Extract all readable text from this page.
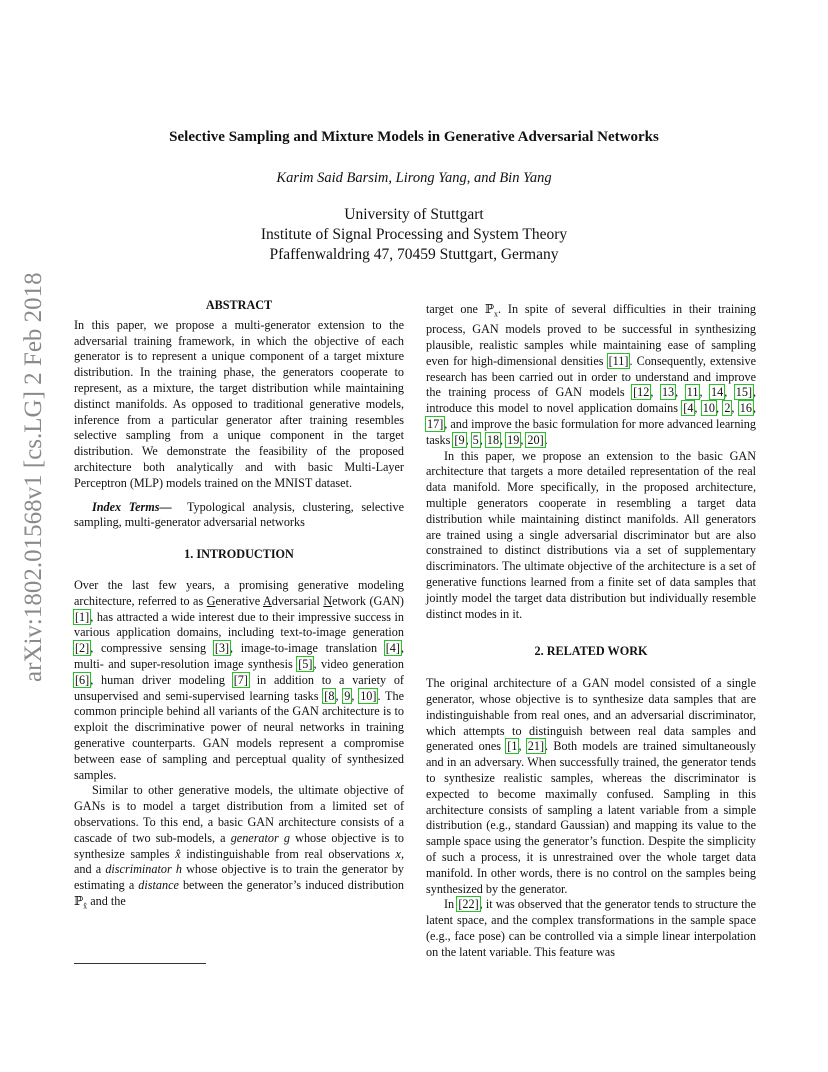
Selective Sampling and Mixture Models in Generative Adversarial Networks
Karim Said Barsim, Lirong Yang, and Bin Yang
University of Stuttgart
Institute of Signal Processing and System Theory
Pfaffenwaldring 47, 70459 Stuttgart, Germany
arXiv:1802.01568v1 [cs.LG] 2 Feb 2018	ABSTRACT

In this paper, we propose a multi-generator extension to the adversarial training framework, in which the objective of each generator is to represent a unique component of a target mixture distribution. In the training phase, the generators cooperate to represent, as a mixture, the target distribution while maintaining distinct manifolds. As opposed to traditional generative models, inference from a particular generator after training resembles selective sampling from a unique component in the target distribution. We demonstrate the feasibility of the proposed architecture both analytically and with basic Multi-Layer Perceptron (MLP) models trained on the MNIST dataset.

Index Terms— Typological analysis, clustering, selective sampling, multi-generator adversarial networks

1. INTRODUCTION

Over the last few years, a promising generative modeling architecture, referred to as Generative Adversarial Network (GAN) [1], has attracted a wide interest due to their impressive success in various application domains, including text-to-image generation [2], compressive sensing [3], image-to-image translation [4], multi- and super-resolution image synthesis [5], video generation [6], human driver modeling [7] in addition to a variety of unsupervised and semi-supervised learning tasks [8, 9, 10]. The common principle behind all variants of the GAN architecture is to exploit the discriminative power of neural networks in training generative counterparts. GAN models represent a compromise between ease of sampling and perceptual quality of synthesized samples.

Similar to other generative models, the ultimate objective of GANs is to model a target distribution from a limited set of observations. To this end, a basic GAN architecture consists of a cascade of two sub-models, a generator g whose objective is to synthesize samples x̂ indistinguishable from real observations x, and a discriminator h whose objective is to train the generator by estimating a distance between the generator’s induced distribution ℙ$_{x̂}$ and the

target one ℙ$_x$. In spite of several difficulties in their training process, GAN models proved to be successful in synthesizing plausible, realistic samples while maintaining ease of sampling even for high-dimensional densities [11]. Consequently, extensive research has been carried out in order to understand and improve the training process of GAN models [12, 13, 11, 14, 15], introduce this model to novel application domains [4, 10, 2, 16, 17], and improve the basic formulation for more advanced learning tasks [9, 5, 18, 19, 20].

In this paper, we propose an extension to the basic GAN architecture that targets a more detailed representation of the real data manifold. More specifically, in the proposed architecture, multiple generators cooperate in resembling a target data distribution while maintaining distinct manifolds. All generators are trained using a single adversarial discriminator but are also constrained to distinct distributions via a set of supplementary discriminators. The ultimate objective of the architecture is a set of generative functions learned from a finite set of data samples that jointly model the target data distribution but individually resemble distinct modes in it.

2. RELATED WORK

The original architecture of a GAN model consisted of a single generator, whose objective is to synthesize data samples that are indistinguishable from real ones, and an adversarial discriminator, which attempts to distinguish between real data samples and generated ones [1, 21]. Both models are trained simultaneously and in an adversary. When successfully trained, the generator tends to synthesize realistic samples, whereas the discriminator is expected to become maximally confused. Sampling in this architecture consists of sampling a latent variable from a simple distribution (e.g., standard Gaussian) and mapping its value to the sample space using the generator’s function. Despite the simplicity of such a process, it is unrestrained over the whole target data manifold. In other words, there is no control on the samples being synthesized by the generator.

In [22], it was observed that the generator tends to structure the latent space, and the complex transformations in the sample space (e.g., face pose) can be controlled via a simple linear interpolation on the latent variable. This feature was
